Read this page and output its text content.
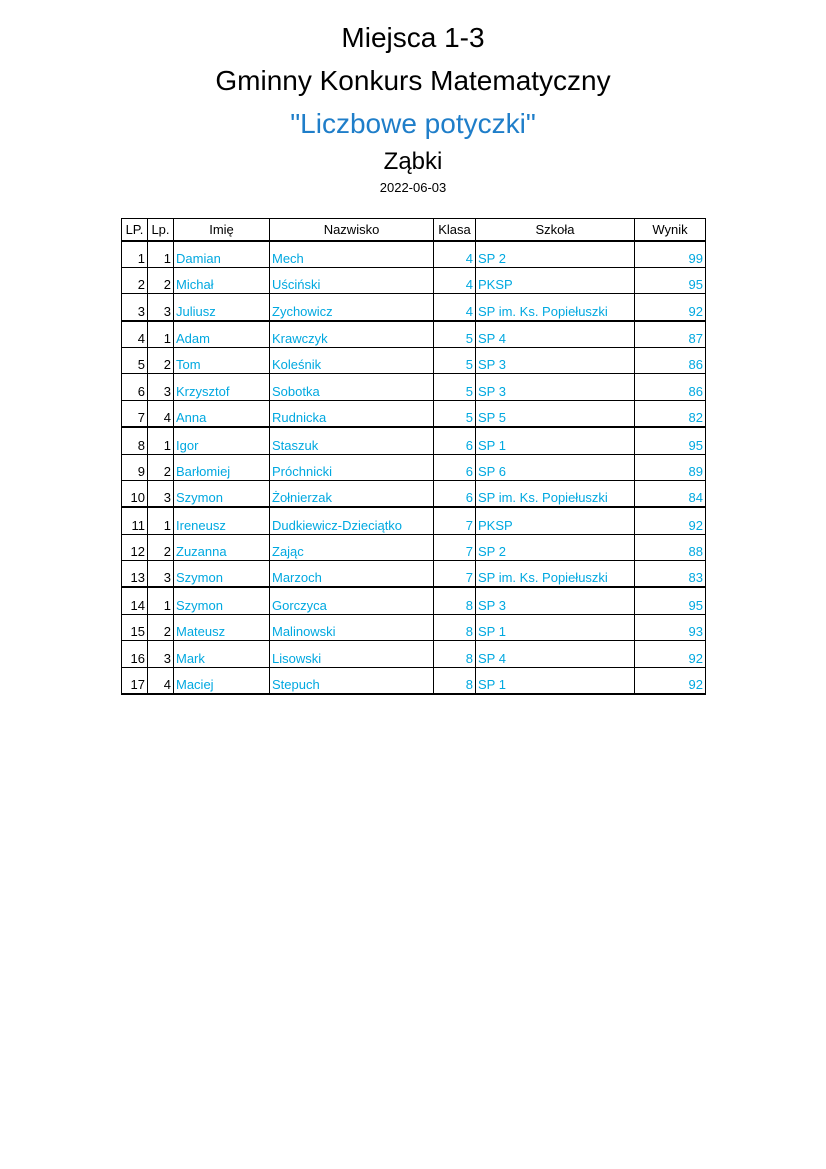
Miejsca 1-3
Gminny Konkurs Matematyczny
"Liczbowe potyczki"
Ząbki
2022-06-03
LP.	Lp.	Imię	Nazwisko	Klasa	Szkoła	Wynik
1	1	Damian	Mech	4	SP 2	99
2	2	Michał	Uściński	4	PKSP	95
3	3	Juliusz	Zychowicz	4	SP im. Ks. Popiełuszki	92
4	1	Adam	Krawczyk	5	SP 4	87
5	2	Tom	Koleśnik	5	SP 3	86
6	3	Krzysztof	Sobotka	5	SP 3	86
7	4	Anna	Rudnicka	5	SP 5	82
8	1	Igor	Staszuk	6	SP 1	95
9	2	Barłomiej	Próchnicki	6	SP 6	89
10	3	Szymon	Żołnierzak	6	SP im. Ks. Popiełuszki	84
11	1	Ireneusz	Dudkiewicz-Dzieciątko	7	PKSP	92
12	2	Zuzanna	Zając	7	SP 2	88
13	3	Szymon	Marzoch	7	SP im. Ks. Popiełuszki	83
14	1	Szymon	Gorczyca	8	SP 3	95
15	2	Mateusz	Malinowski	8	SP 1	93
16	3	Mark	Lisowski	8	SP 4	92
17	4	Maciej	Stepuch	8	SP 1	92
